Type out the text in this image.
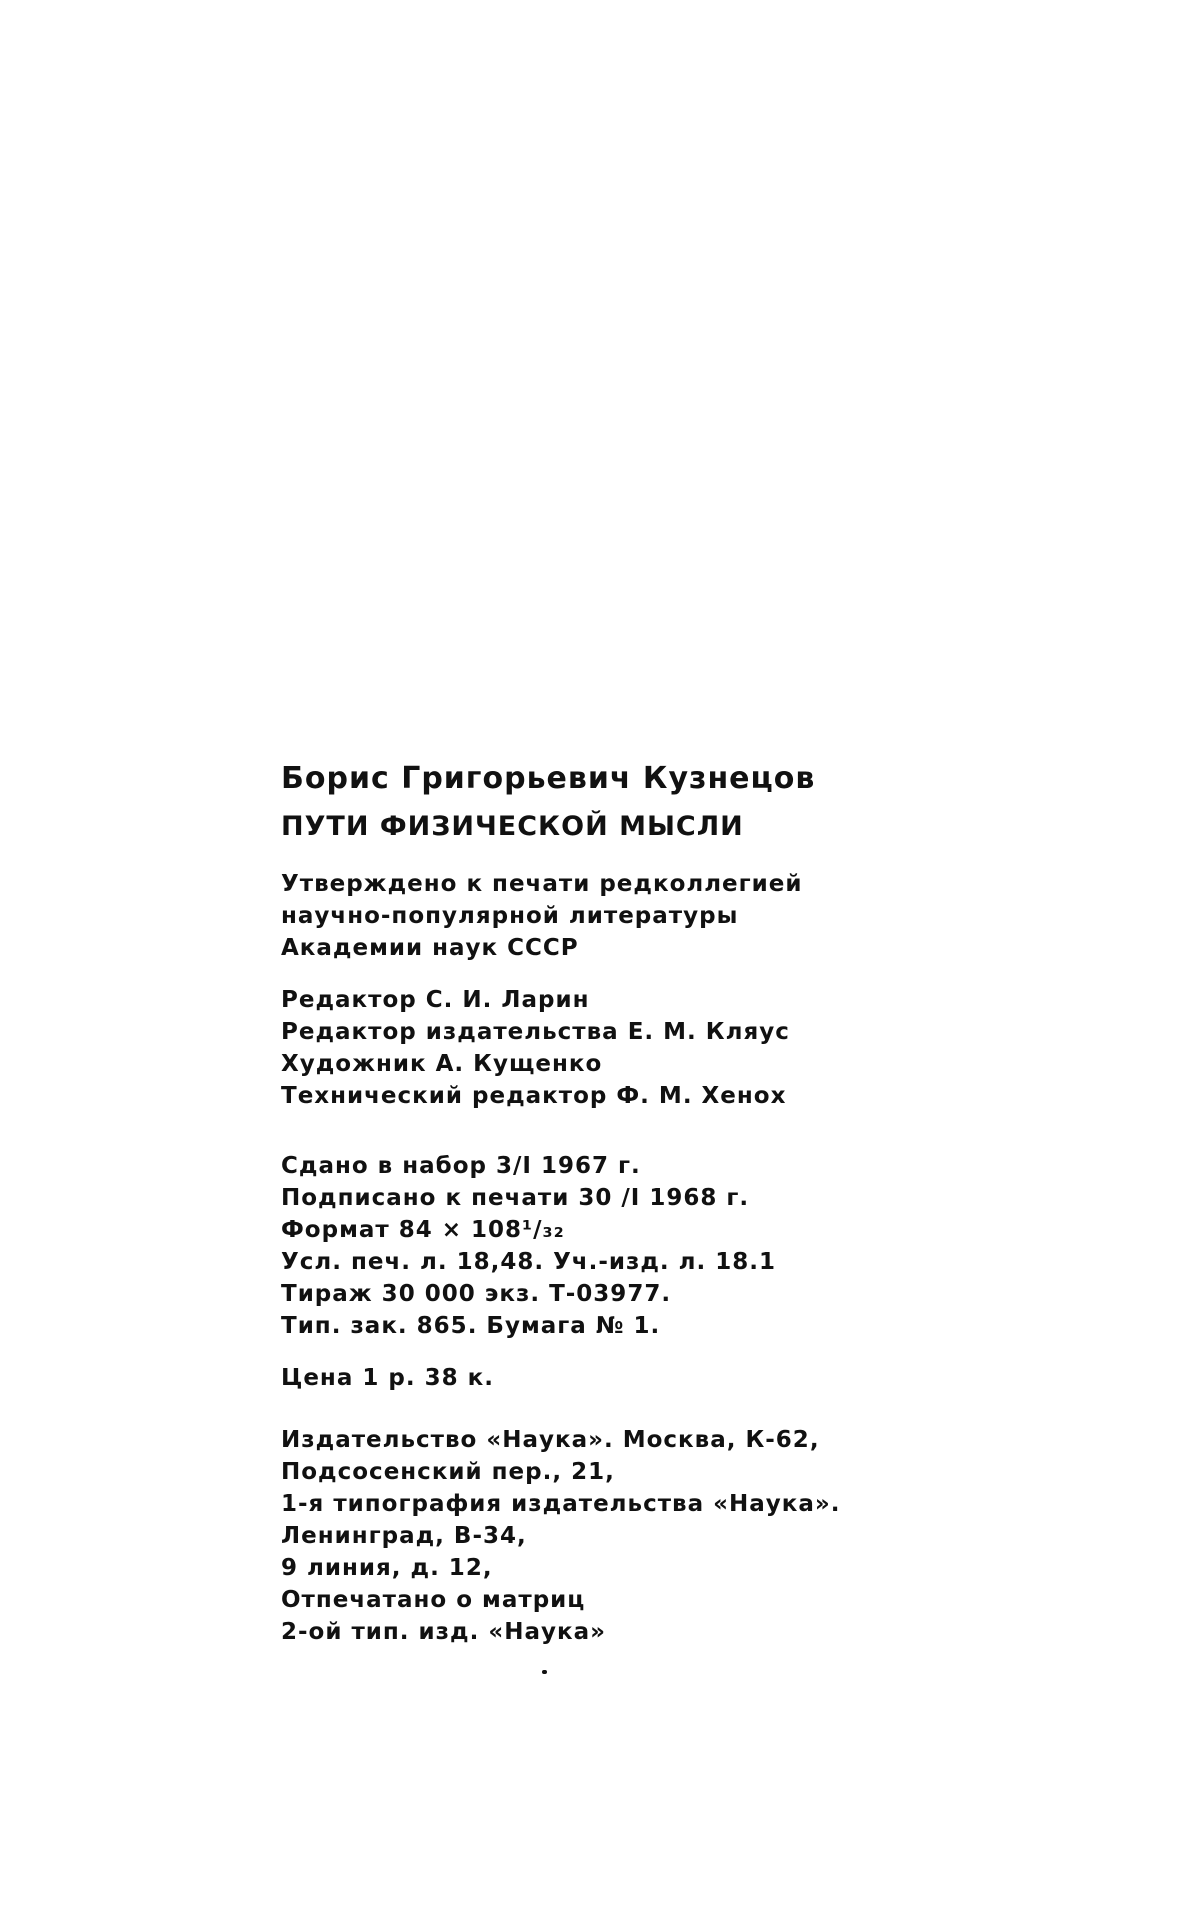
Борис Григорьевич Кузнецов
ПУТИ ФИЗИЧЕСКОЙ МЫСЛИ
Утверждено к печати редколлегией
научно-популярной литературы
Академии наук СССР
Редактор С. И. Ларин
Редактор издательства Е. М. Кляус
Художник А. Кущенко
Технический редактор Ф. М. Хенох
Сдано в набор 3/I 1967 г.
Подписано к печати 30 /I 1968 г.
Формат 84 × 108¹/₃₂
Усл. печ. л. 18,48. Уч.-изд. л. 18.1
Тираж 30 000 экз. Т-03977.
Тип. зак. 865. Бумага № 1.
Цена 1 р. 38 к.
Издательство «Наука». Москва, К-62,
Подсосенский пер., 21,
1-я типография издательства «Наука».
Ленинград, В-34,
9 линия, д. 12,
Отпечатано о матриц
2-ой тип. изд. «Наука»
